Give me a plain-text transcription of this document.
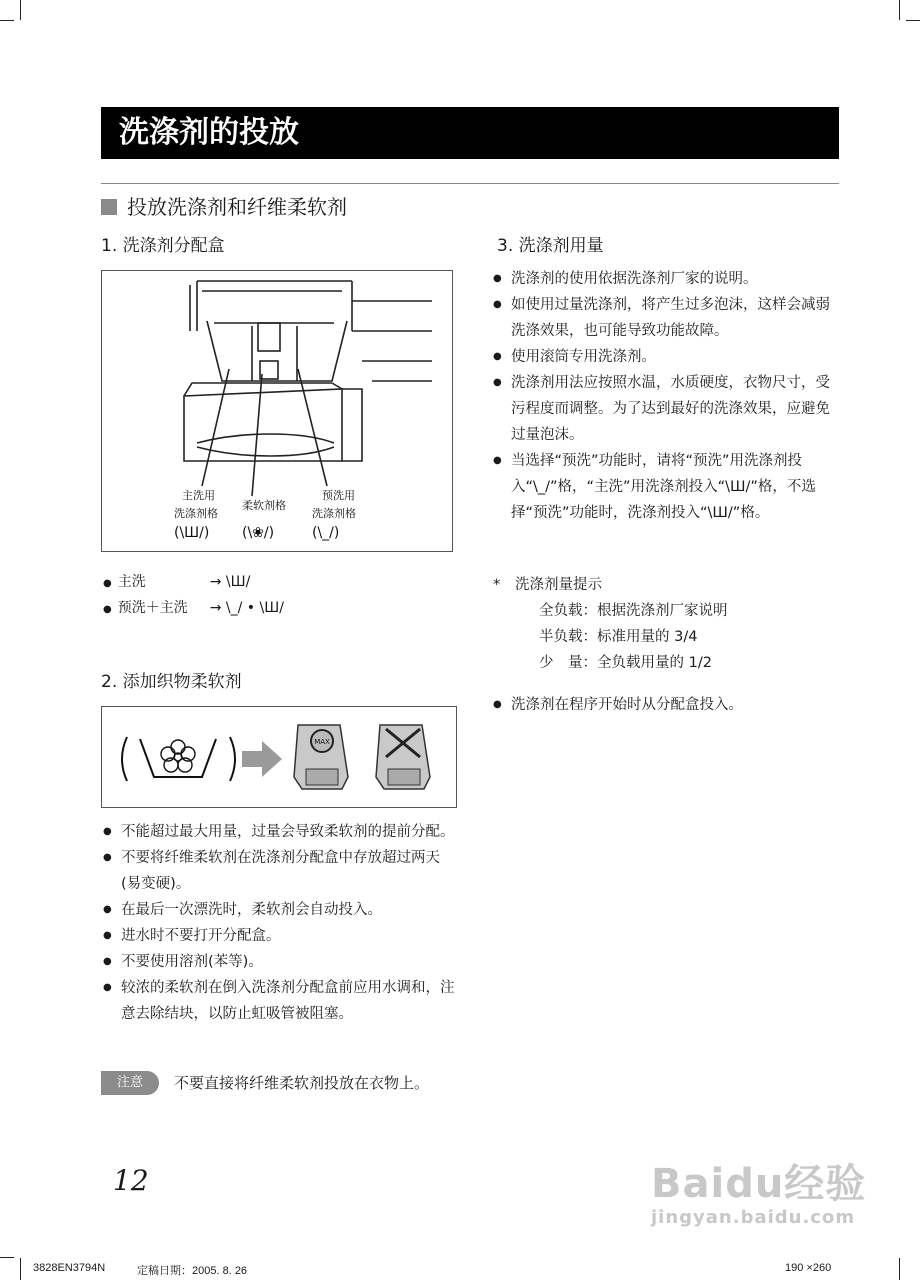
洗涤剂的投放
投放洗涤剂和纤维柔软剂
1. 洗涤剂分配盒
主洗用
洗涤剂格
(\Ш/)
柔软剂格
(\❀/)
预洗用
洗涤剂格
(\_/)
● 主洗	→ \Ш/
● 预洗＋主洗 → \_/ • \Ш/
2. 添加织物柔软剂
MAX
● 不能超过最大用量，过量会导致柔软剂的提前分配。
● 不要将纤维柔软剂在洗涤剂分配盒中存放超过两天(易变硬)。
● 在最后一次漂洗时，柔软剂会自动投入。
● 进水时不要打开分配盒。
● 不要使用溶剂(苯等)。
● 较浓的柔软剂在倒入洗涤剂分配盒前应用水调和，注意去除结块，以防止虹吸管被阻塞。
注意	不要直接将纤维柔软剂投放在衣物上。
3. 洗涤剂用量
● 洗涤剂的使用依据洗涤剂厂家的说明。
● 如使用过量洗涤剂，将产生过多泡沫，这样会减弱洗涤效果，也可能导致功能故障。
● 使用滚筒专用洗涤剂。
● 洗涤剂用法应按照水温，水质硬度，衣物尺寸，受污程度而调整。为了达到最好的洗涤效果，应避免过量泡沫。
● 当选择“预洗”功能时，请将“预洗”用洗涤剂投入“\_/”格，“主洗”用洗涤剂投入“\Ш/”格，不选择“预洗”功能时，洗涤剂投入“\Ш/”格。
* 洗涤剂量提示
全负载：根据洗涤剂厂家说明
半负载：标准用量的 3/4
少　量：全负载用量的 1/2
● 洗涤剂在程序开始时从分配盒投入。
12	Baidu经验
jingyan.baidu.com
3828EN3794N	定稿日期：2005. 8. 26	190 ×260
